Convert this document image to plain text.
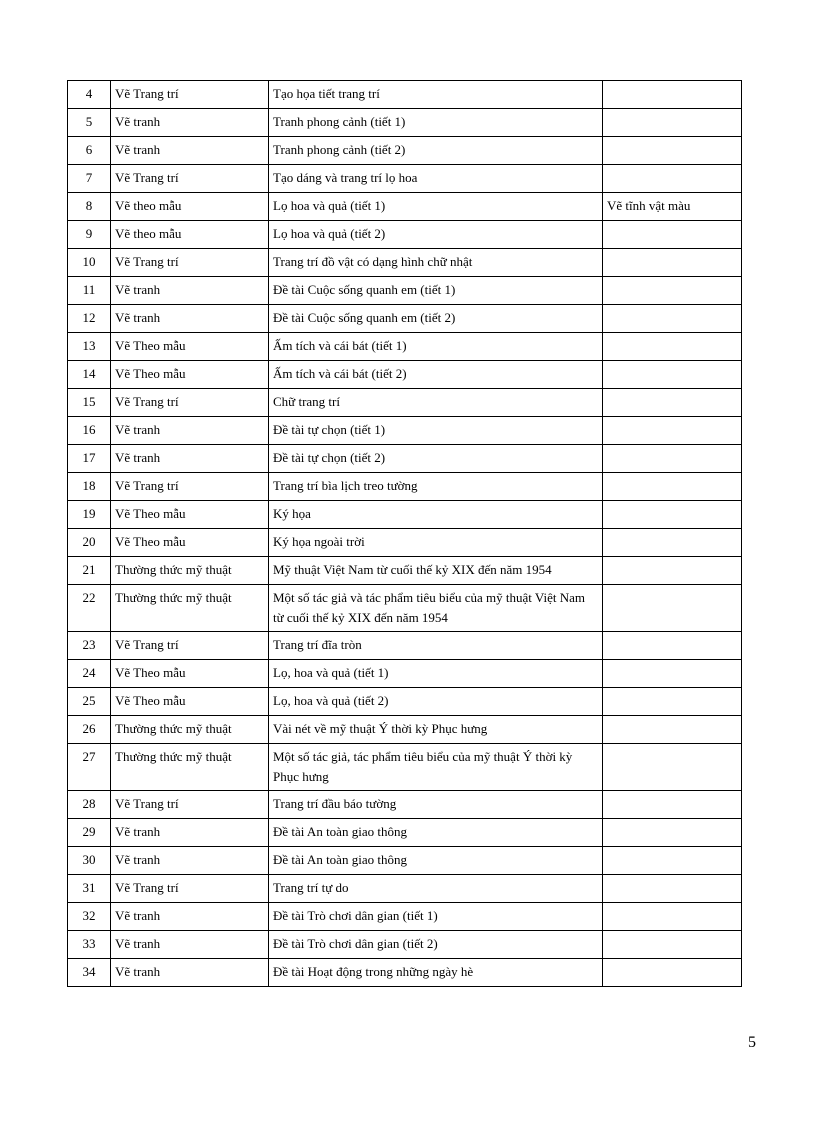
4	Vẽ Trang trí	Tạo họa tiết trang trí	
5	Vẽ tranh	Tranh phong cảnh (tiết 1)	
6	Vẽ tranh	Tranh phong cảnh (tiết 2)	
7	Vẽ Trang trí	Tạo dáng và trang trí lọ hoa	
8	Vẽ theo mẫu	Lọ hoa và quả (tiết 1)	Vẽ tĩnh vật màu
9	Vẽ theo mẫu	Lọ hoa và quả (tiết 2)	
10	Vẽ Trang trí	Trang trí đồ vật có dạng hình chữ nhật	
11	Vẽ tranh	Đề tài Cuộc sống quanh em (tiết 1)	
12	Vẽ tranh	Đề tài Cuộc sống quanh em (tiết 2)	
13	Vẽ Theo mẫu	Ấm tích và cái bát (tiết 1)	
14	Vẽ Theo mẫu	Ấm tích và cái bát (tiết 2)	
15	Vẽ Trang trí	Chữ trang trí	
16	Vẽ tranh	Đề tài tự chọn (tiết 1)	
17	Vẽ tranh	Đề tài tự chọn (tiết 2)	
18	Vẽ Trang trí	Trang trí bìa lịch treo tường	
19	Vẽ Theo mẫu	Ký họa	
20	Vẽ Theo mẫu	Ký họa ngoài trời	
21	Thường thức mỹ thuật	Mỹ thuật Việt Nam từ cuối thế kỷ XIX đến năm 1954	
22	Thường thức mỹ thuật	Một số tác giả và tác phẩm tiêu biểu của mỹ thuật Việt Nam từ cuối thế kỷ XIX đến năm 1954	
23	Vẽ Trang trí	Trang trí đĩa tròn	
24	Vẽ Theo mẫu	Lọ, hoa và quả (tiết 1)	
25	Vẽ Theo mẫu	Lọ, hoa và quả (tiết 2)	
26	Thường thức mỹ thuật	Vài nét về mỹ thuật Ý thời kỳ Phục hưng	
27	Thường thức mỹ thuật	Một số tác giả, tác phẩm tiêu biểu của mỹ thuật Ý thời kỳ Phục hưng	
28	Vẽ Trang trí	Trang trí đầu báo tường	
29	Vẽ tranh	Đề tài An toàn giao thông	
30	Vẽ tranh	Đề tài An toàn giao thông	
31	Vẽ Trang trí	Trang trí tự do	
32	Vẽ tranh	Đề tài Trò chơi dân gian (tiết 1)	
33	Vẽ tranh	Đề tài Trò chơi dân gian (tiết 2)	
34	Vẽ tranh	Đề tài Hoạt động trong những ngày hè	
5
